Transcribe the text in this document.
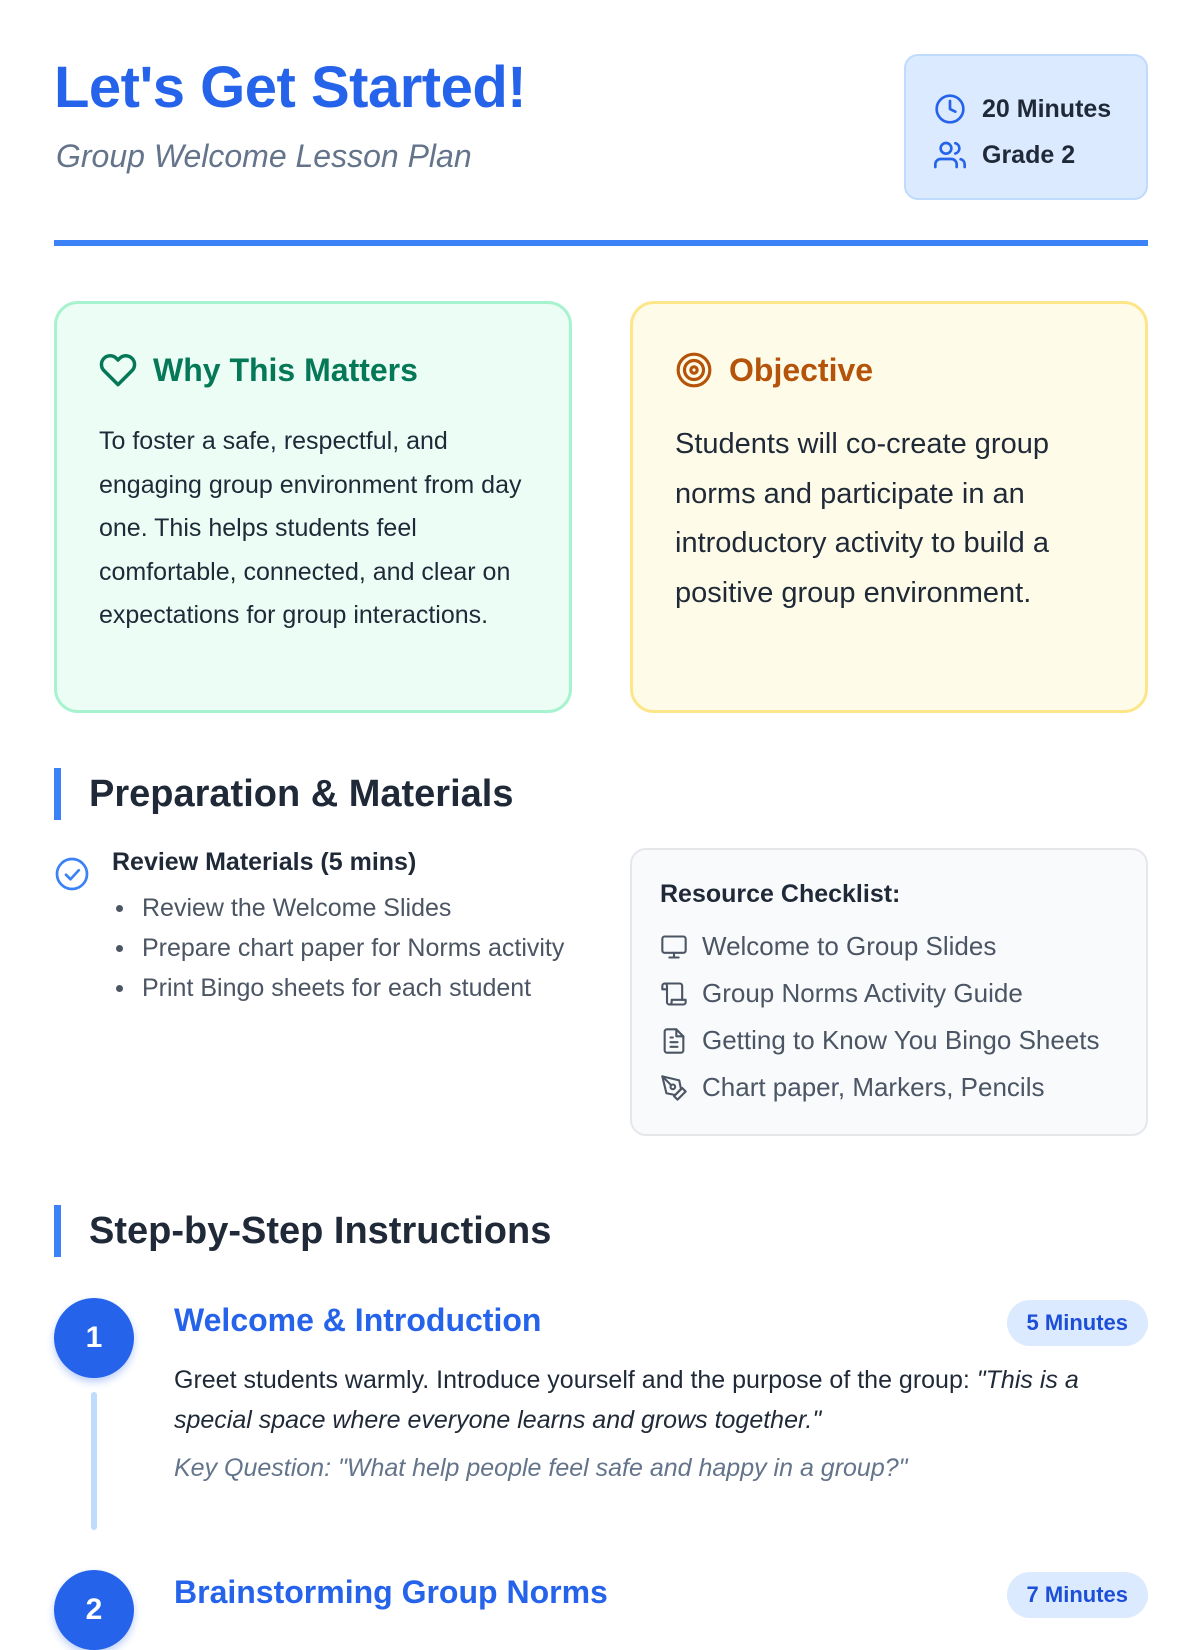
Let's Get Started!
Group Welcome Lesson Plan
20 Minutes
Grade 2
Why This Matters

To foster a safe, respectful, and engaging group environment from day one. This helps students feel comfortable, connected, and clear on expectations for group interactions.

Objective

Students will co-create group norms and participate in an introductory activity to build a positive group environment.

Preparation & Materials
Review Materials (5 mins)
Review the Welcome Slides
Prepare chart paper for Norms activity
Print Bingo sheets for each student
Resource Checklist:
Welcome to Group Slides
Group Norms Activity Guide
Getting to Know You Bingo Sheets
Chart paper, Markers, Pencils
Step-by-Step Instructions
1	Welcome & Introduction	5 Minutes
Greet students warmly. Introduce yourself and the purpose of the group: "This is a special space where everyone learns and grows together."
Key Question: "What help people feel safe and happy in a group?"
2	Brainstorming Group Norms	7 Minutes
